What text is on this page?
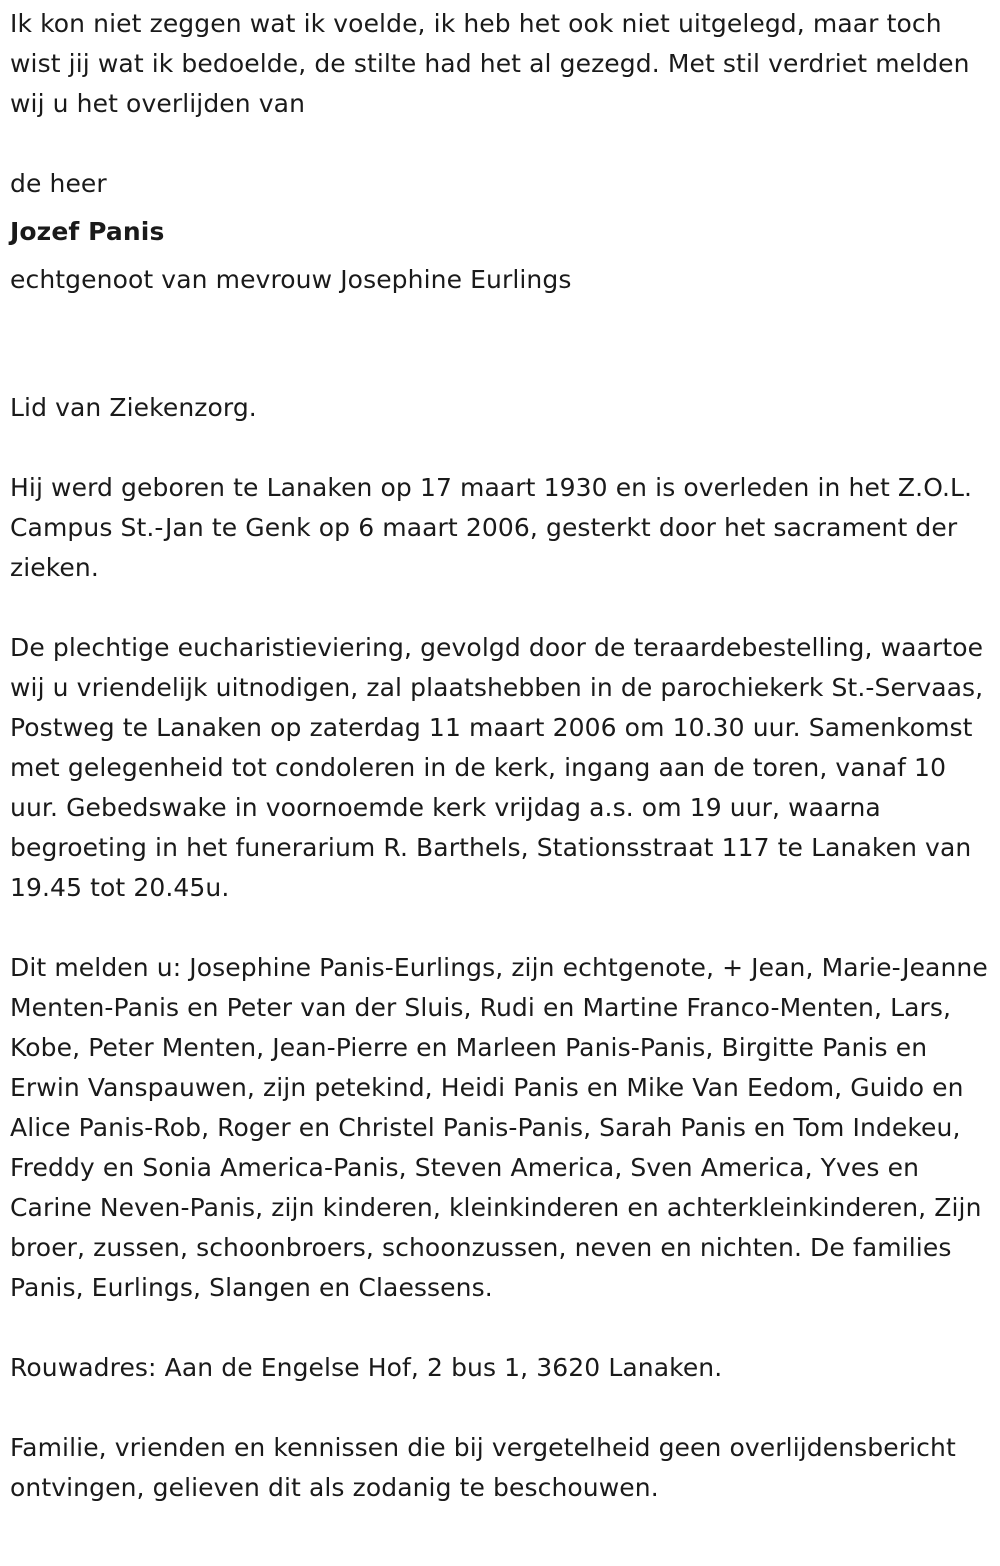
Ik kon niet zeggen wat ik voelde, ik heb het ook niet uitgelegd, maar toch wist jij wat ik bedoelde, de stilte had het al gezegd. Met stil verdriet melden wij u het overlijden van

de heer

Jozef Panis

echtgenoot van mevrouw Josephine Eurlings

Lid van Ziekenzorg.

Hij werd geboren te Lanaken op 17 maart 1930 en is overleden in het Z.O.L. Campus St.-Jan te Genk op 6 maart 2006, gesterkt door het sacrament der zieken.

De plechtige eucharistieviering, gevolgd door de teraardebestelling, waartoe wij u vriendelijk uitnodigen, zal plaatshebben in de parochiekerk St.-Servaas, Postweg te Lanaken op zaterdag 11 maart 2006 om 10.30 uur. Samenkomst met gelegenheid tot condoleren in de kerk, ingang aan de toren, vanaf 10 uur. Gebedswake in voornoemde kerk vrijdag a.s. om 19 uur, waarna begroeting in het funerarium R. Barthels, Stationsstraat 117 te Lanaken van 19.45 tot 20.45u.

Dit melden u: Josephine Panis-Eurlings, zijn echtgenote, + Jean, Marie-Jeanne Menten-Panis en Peter van der Sluis, Rudi en Martine Franco-Menten, Lars, Kobe, Peter Menten, Jean-Pierre en Marleen Panis-Panis, Birgitte Panis en Erwin Vanspauwen, zijn petekind, Heidi Panis en Mike Van Eedom, Guido en Alice Panis-Rob, Roger en Christel Panis-Panis, Sarah Panis en Tom Indekeu, Freddy en Sonia America-Panis, Steven America, Sven America, Yves en Carine Neven-Panis, zijn kinderen, kleinkinderen en achterkleinkinderen, Zijn broer, zussen, schoonbroers, schoonzussen, neven en nichten. De families Panis, Eurlings, Slangen en Claessens.

Rouwadres: Aan de Engelse Hof, 2 bus 1, 3620 Lanaken.

Familie, vrienden en kennissen die bij vergetelheid geen overlijdensbericht ontvingen, gelieven dit als zodanig te beschouwen.
